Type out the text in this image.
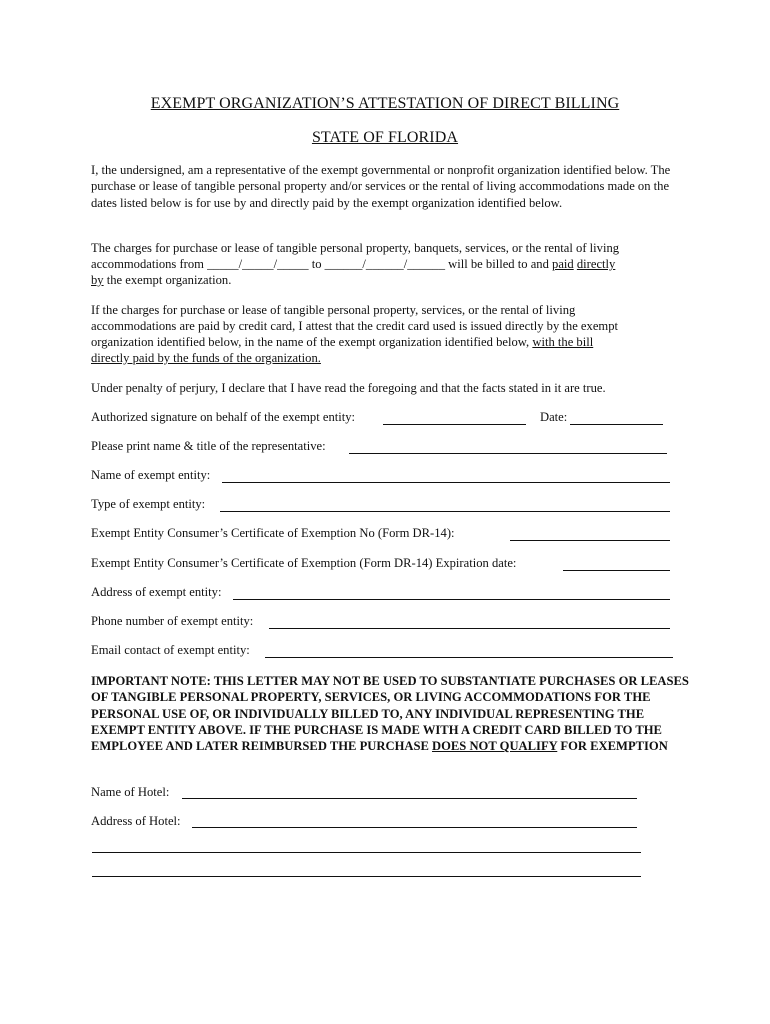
EXEMPT ORGANIZATION’S ATTESTATION OF DIRECT BILLING
STATE OF FLORIDA

I, the undersigned, am a representative of the exempt governmental or nonprofit organization identified below. The purchase or lease of tangible personal property and/or services or the rental of living accommodations made on the dates listed below is for use by and directly paid by the exempt organization identified below.

The charges for purchase or lease of tangible personal property, banquets, services, or the rental of living
accommodations from _____/_____/_____ to ______/______/______ will be billed to and paid directly
by the exempt organization.
If the charges for purchase or lease of tangible personal property, services, or the rental of living
accommodations are paid by credit card, I attest that the credit card used is issued directly by the exempt
organization identified below, in the name of the exempt organization identified below, with the bill
directly paid by the funds of the organization.
Under penalty of perjury, I declare that I have read the foregoing and that the facts stated in it are true.
Authorized signature on behalf of the exempt entity:	Date:
Please print name & title of the representative:
Name of exempt entity:
Type of exempt entity:
Exempt Entity Consumer’s Certificate of Exemption No (Form DR-14):
Exempt Entity Consumer’s Certificate of Exemption (Form DR-14) Expiration date:
Address of exempt entity:
Phone number of exempt entity:
Email contact of exempt entity:

IMPORTANT NOTE: THIS LETTER MAY NOT BE USED TO SUBSTANTIATE PURCHASES OR LEASES OF TANGIBLE PERSONAL PROPERTY, SERVICES, OR LIVING ACCOMMODATIONS FOR THE PERSONAL USE OF, OR INDIVIDUALLY BILLED TO, ANY INDIVIDUAL REPRESENTING THE EXEMPT ENTITY ABOVE. IF THE PURCHASE IS MADE WITH A CREDIT CARD BILLED TO THE EMPLOYEE AND LATER REIMBURSED THE PURCHASE DOES NOT QUALIFY FOR EXEMPTION

Name of Hotel:
Address of Hotel:
